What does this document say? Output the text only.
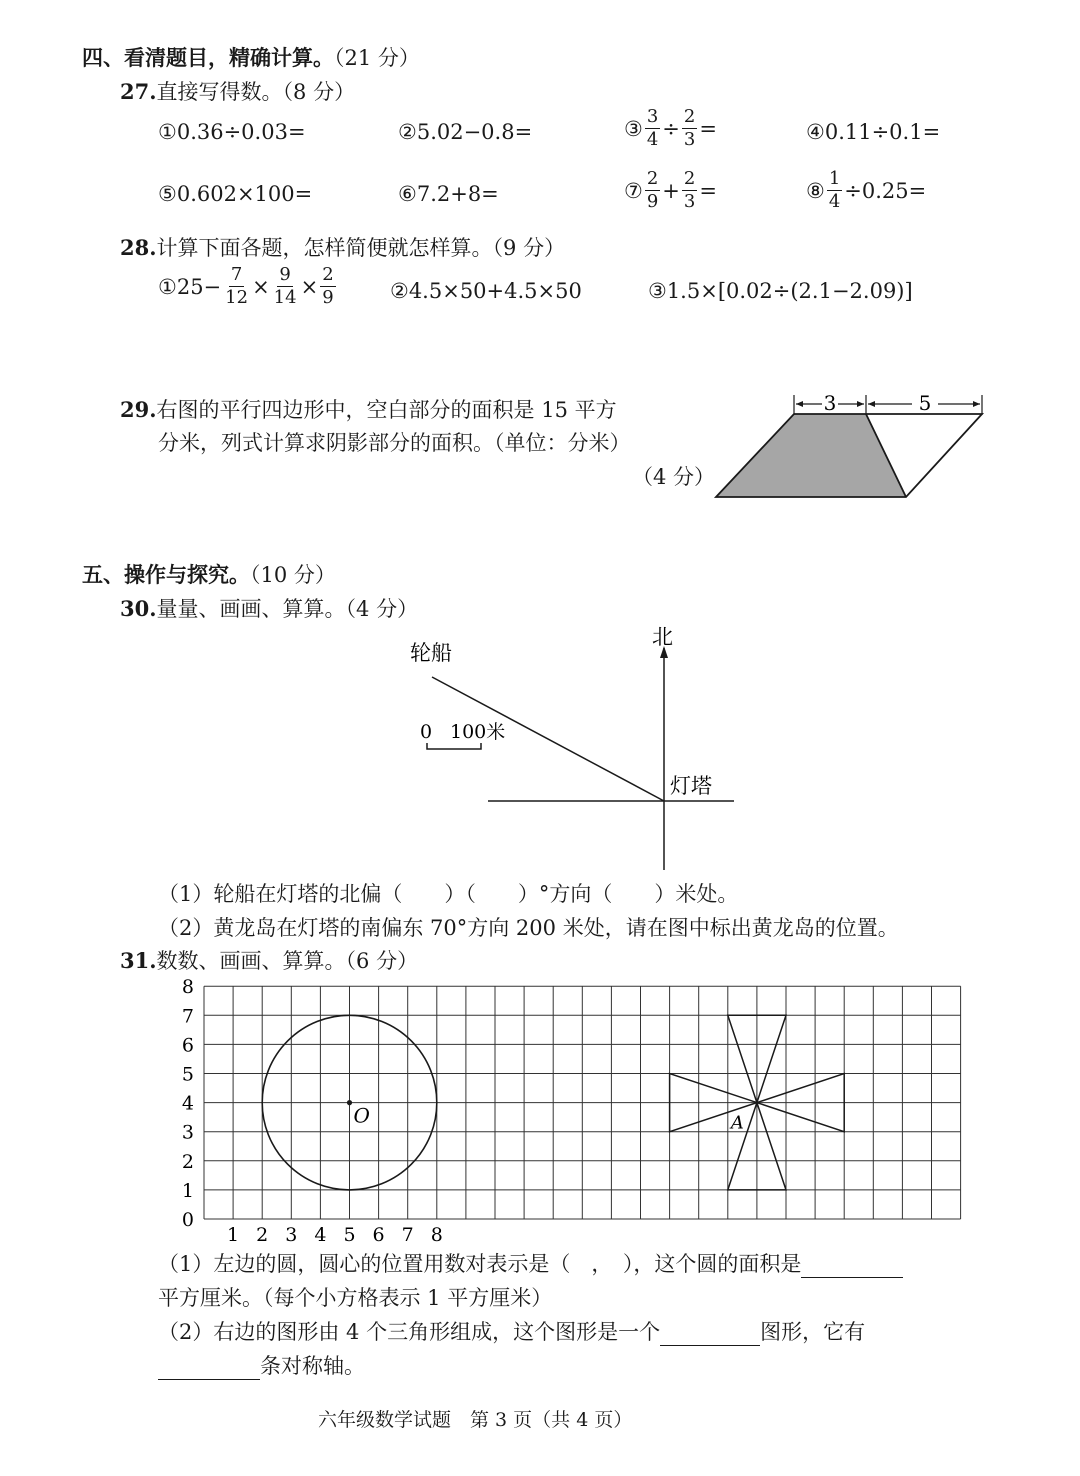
四、看清题目，精确计算。（21 分）
27.直接写得数。（8 分）
① 0.36÷0.03=	② 5.02−0.8=	③ $\frac{3}{4} \div \frac{2}{3}$ =	④ 0.11÷0.1=
⑤ 0.602×100=	⑥ 7.2+8=	⑦ $\frac{2}{9} + \frac{2}{3}$ =	⑧ $\frac{1}{4} \div 0.25=$
28.计算下面各题，怎样简便就怎样算。（9 分）
① $25- \frac{7}{12} \times \frac{9}{14} \times \frac{2}{9}$	②4.5×50+4.5×50	③1.5×[0.02÷(2.1−2.09)]
29.右图的平行四边形中，空白部分的面积是 15 平方
分米，列式计算求阴影部分的面积。（单位：分米）
（4 分）
3	5
五、操作与探究。（10 分）
30.量量、画画、算算。（4 分）
北
轮船
灯塔
0 100米
（1）轮船在灯塔的北偏（　　）（　　）°方向（　　）米处。
（2）黄龙岛在灯塔的南偏东 70°方向 200 米处，请在图中标出黄龙岛的位置。
31.数数、画画、算算。（6 分）
0
1
2
3
4
5
6
7
8
1 2 3 4 5 6 7 8
O	A
（1）左边的圆，圆心的位置用数对表示是（　，　），这个圆的面积是
平方厘米。（每个小方格表示 1 平方厘米）
（2）右边的图形由 4 个三角形组成，这个图形是一个	图形，它有
条对称轴。
六年级数学试题　第 3 页（共 4 页）
